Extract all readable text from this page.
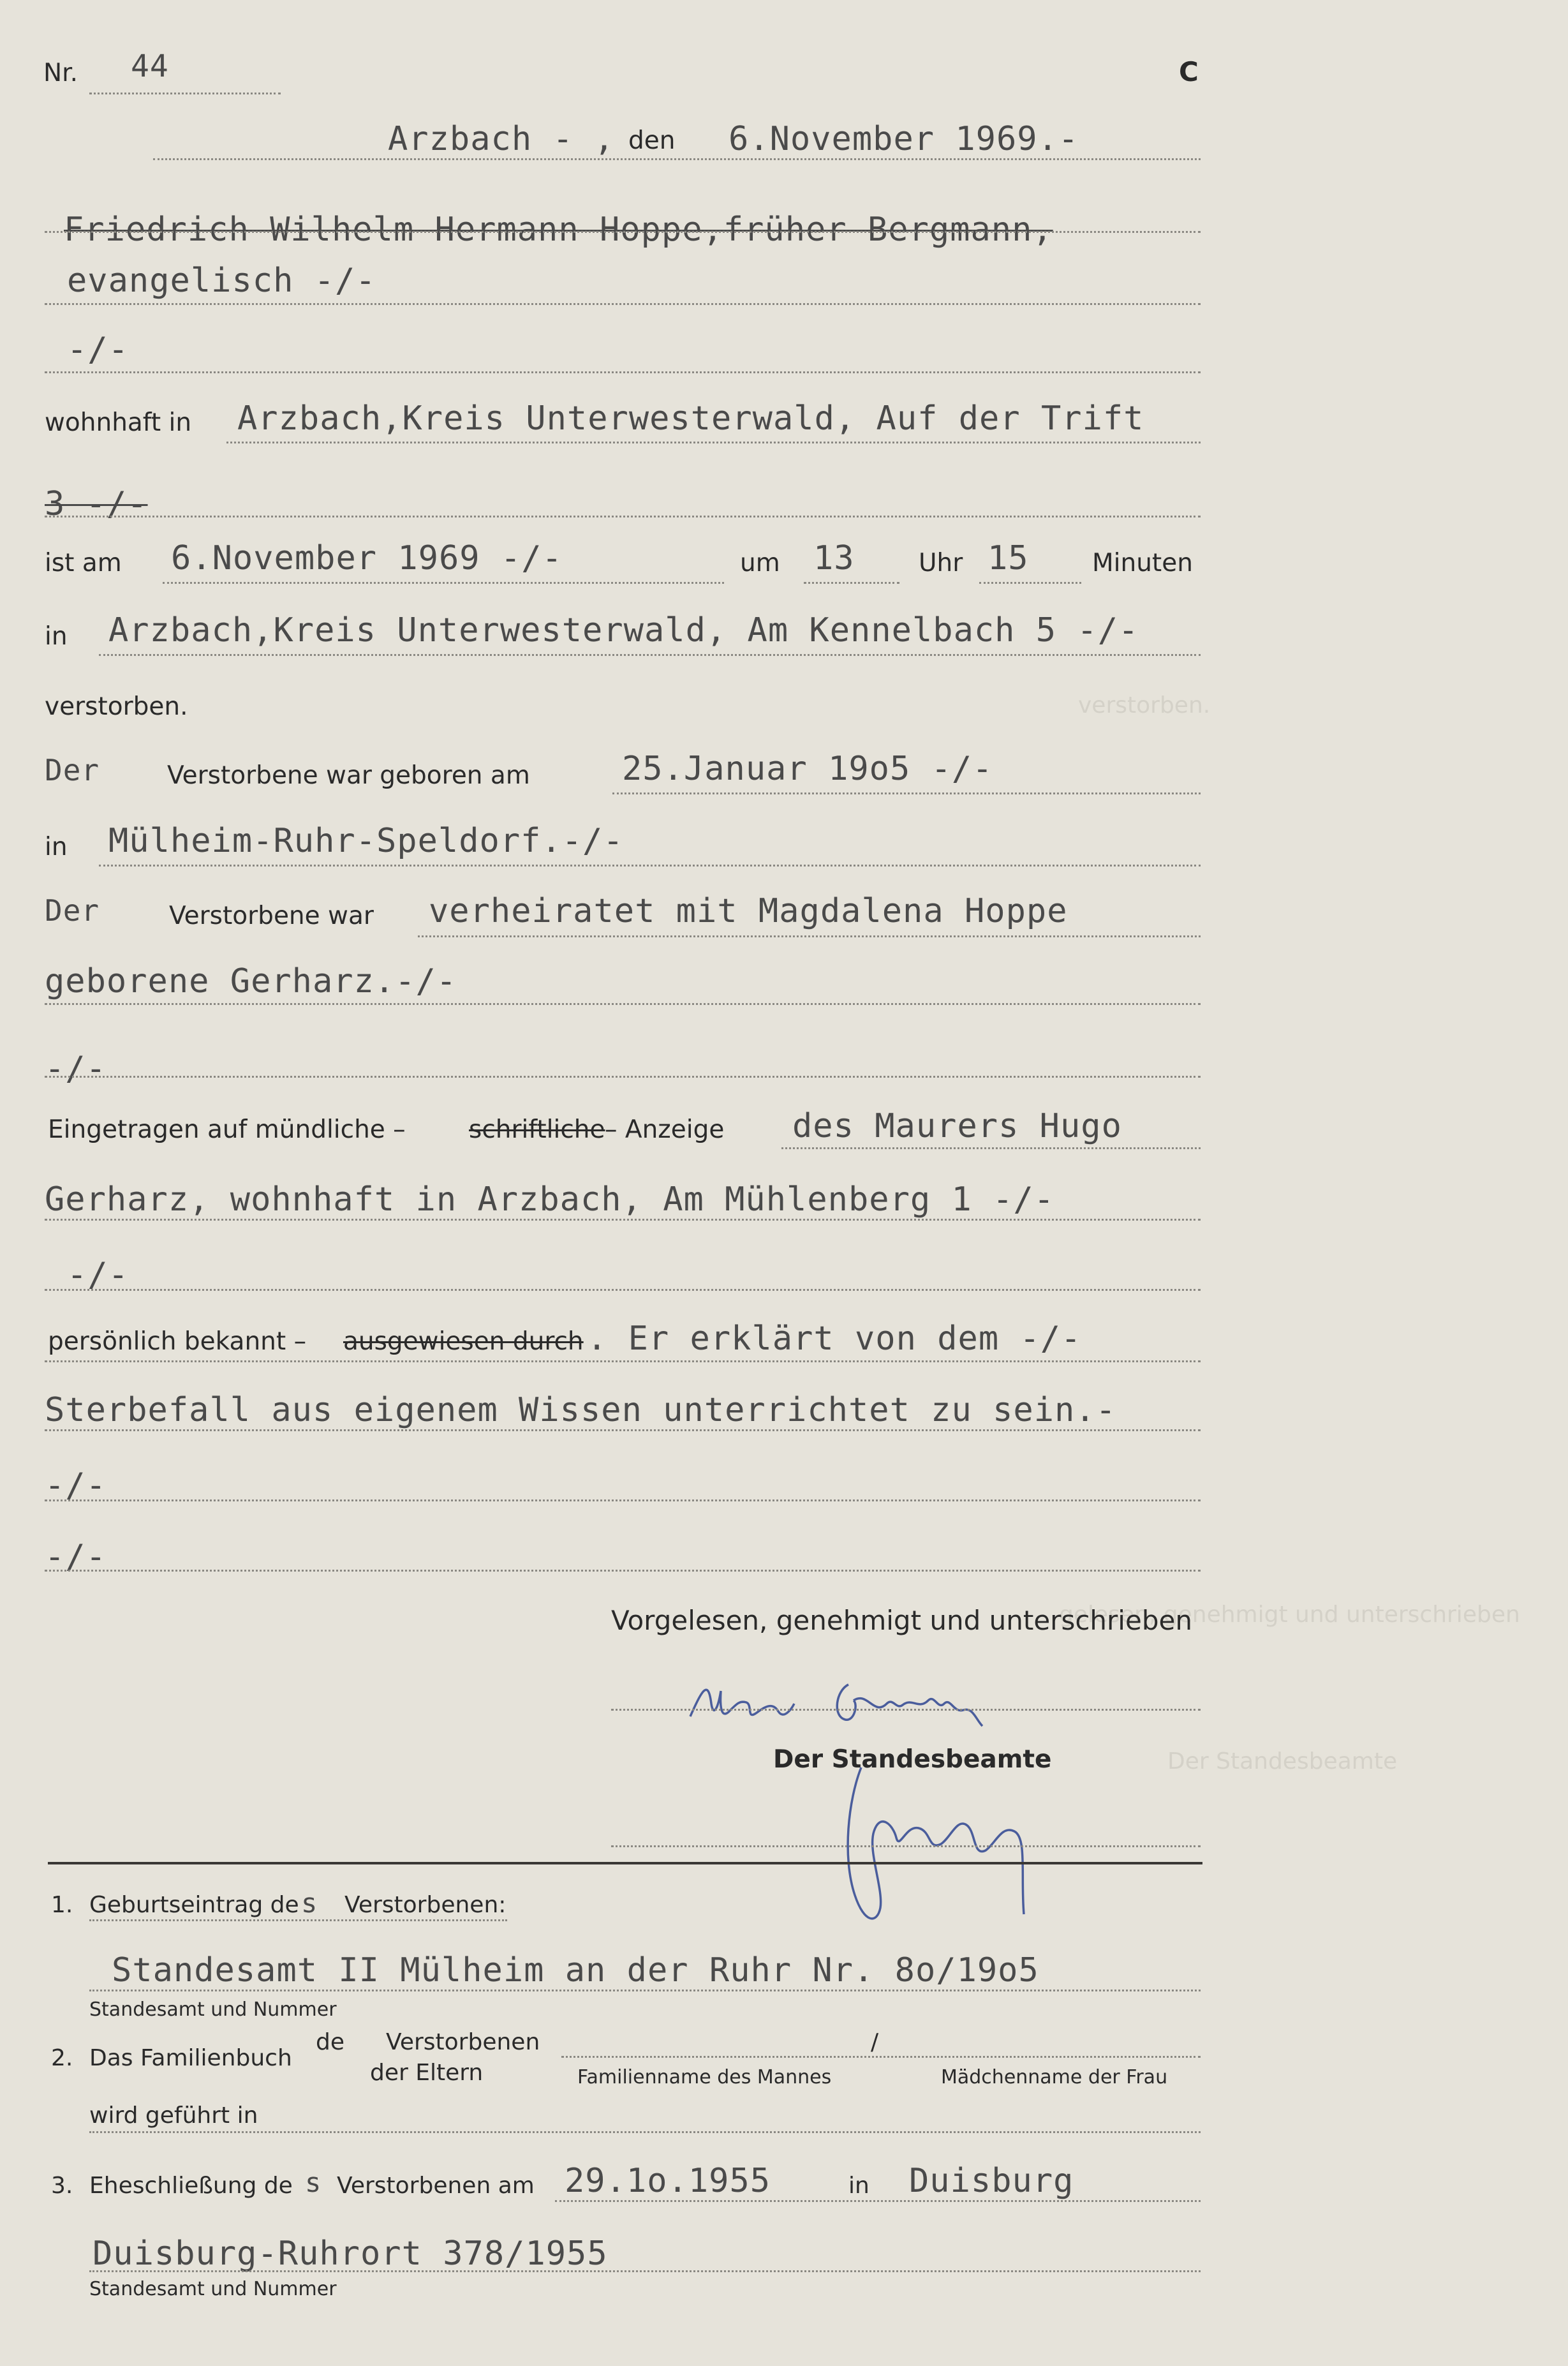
verstorben.
gelesen, genehmigt und unterschrieben
Der Standesbeamte
Nr. 44	C
Arzbach - , den 6.November 1969.-
Friedrich Wilhelm Hermann Hoppe,früher Bergmann,
evangelisch -/-
-/-
wohnhaft in Arzbach,Kreis Unterwesterwald, Auf der Trift
3 -/-
ist am 6.November 1969 -/-	um 13	Uhr 15	Minuten
in Arzbach,Kreis Unterwesterwald, Am Kennelbach 5 -/-
verstorben.
Der	Verstorbene war geboren am	25.Januar 19o5 -/-
in Mülheim-Ruhr-Speldorf.-/-
Der	Verstorbene war verheiratet mit Magdalena Hoppe
geborene Gerharz.-/-
-/-
Eingetragen auf mündliche –	schriftliche – Anzeige des Maurers Hugo
Gerharz, wohnhaft in Arzbach, Am Mühlenberg 1 -/-
-/-
persönlich bekannt – ausgewiesen durch . Er erklärt von dem -/-
Sterbefall aus eigenem Wissen unterrichtet zu sein.-
-/-
-/-
Vorgelesen, genehmigt und unterschrieben
Der Standesbeamte
1. Geburtseintrag de s Verstorbenen:
Standesamt II Mülheim an der Ruhr Nr. 8o/19o5
Standesamt und Nummer
2. Das Familienbuch
de Verstorbenen
der Eltern
/
Familienname des Mannes	Mädchenname der Frau
wird geführt in
3. Eheschließung de s Verstorbenen am 29.1o.1955	in Duisburg
Duisburg-Ruhrort 378/1955
Standesamt und Nummer
